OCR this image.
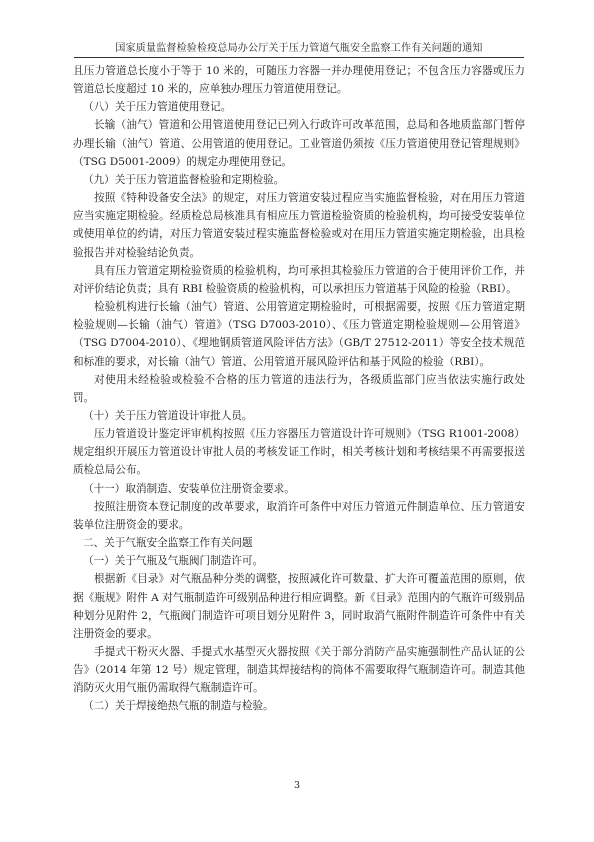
国家质量监督检验检疫总局办公厅关于压力管道气瓶安全监察工作有关问题的通知

且压力管道总长度小于等于 10 米的，可随压力容器一并办理使用登记；不包含压力容器或压力管道总长度超过 10 米的，应单独办理压力管道使用登记。

（八）关于压力管道使用登记。

长输（油气）管道和公用管道使用登记已列入行政许可改革范围，总局和各地质监部门暂停办理长输（油气）管道、公用管道的使用登记。工业管道仍须按《压力管道使用登记管理规则》（TSG D5001-2009）的规定办理使用登记。

（九）关于压力管道监督检验和定期检验。

按照《特种设备安全法》的规定，对压力管道安装过程应当实施监督检验，对在用压力管道应当实施定期检验。经质检总局核准具有相应压力管道检验资质的检验机构，均可接受安装单位或使用单位的约请，对压力管道安装过程实施监督检验或对在用压力管道实施定期检验，出具检验报告并对检验结论负责。

具有压力管道定期检验资质的检验机构，均可承担其检验压力管道的合于使用评价工作，并对评价结论负责；具有 RBI 检验资质的检验机构，可以承担压力管道基于风险的检验（RBI）。

检验机构进行长输（油气）管道、公用管道定期检验时，可根据需要，按照《压力管道定期检验规则—长输（油气）管道》（TSG D7003-2010）、《压力管道定期检验规则—公用管道》（TSG D7004-2010）、《埋地钢质管道风险评估方法》（GB/T 27512-2011）等安全技术规范和标准的要求，对长输（油气）管道、公用管道开展风险评估和基于风险的检验（RBI）。

对使用未经检验或检验不合格的压力管道的违法行为，各级质监部门应当依法实施行政处罚。

（十）关于压力管道设计审批人员。

压力管道设计鉴定评审机构按照《压力容器压力管道设计许可规则》（TSG R1001-2008）规定组织开展压力管道设计审批人员的考核发证工作时，相关考核计划和考核结果不再需要报送质检总局公布。

（十一）取消制造、安装单位注册资金要求。

按照注册资本登记制度的改革要求，取消许可条件中对压力管道元件制造单位、压力管道安装单位注册资金的要求。

二、关于气瓶安全监察工作有关问题

（一）关于气瓶及气瓶阀门制造许可。

根据新《目录》对气瓶品种分类的调整，按照减化许可数量、扩大许可覆盖范围的原则，依据《瓶规》附件 A 对气瓶制造许可级别品种进行相应调整。新《目录》范围内的气瓶许可级别品种划分见附件 2，气瓶阀门制造许可项目划分见附件 3，同时取消气瓶附件制造许可条件中有关注册资金的要求。

手提式干粉灭火器、手提式水基型灭火器按照《关于部分消防产品实施强制性产品认证的公告》（2014 年第 12 号）规定管理，制造其焊接结构的筒体不需要取得气瓶制造许可。制造其他消防灭火用气瓶仍需取得气瓶制造许可。

（二）关于焊接绝热气瓶的制造与检验。

3
